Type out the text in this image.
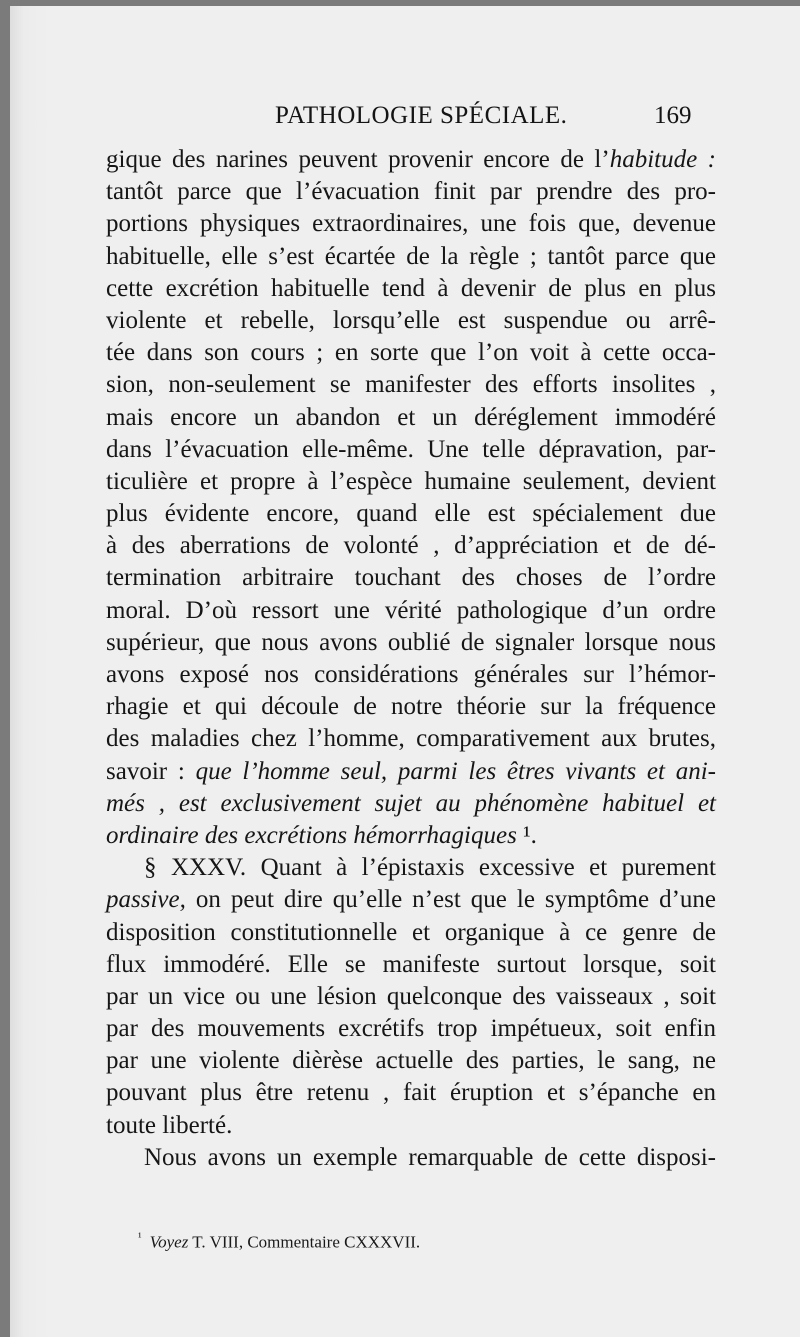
PATHOLOGIE SPÉCIALE.	169
gique des narines peuvent provenir encore de l’habitude :
tantôt parce que l’évacuation finit par prendre des pro-
portions physiques extraordinaires, une fois que, devenue
habituelle, elle s’est écartée de la règle ; tantôt parce que
cette excrétion habituelle tend à devenir de plus en plus
violente et rebelle, lorsqu’elle est suspendue ou arrê-
tée dans son cours ; en sorte que l’on voit à cette occa-
sion, non-seulement se manifester des efforts insolites ,
mais encore un abandon et un déréglement immodéré
dans l’évacuation elle-même. Une telle dépravation, par-
ticulière et propre à l’espèce humaine seulement, devient
plus évidente encore, quand elle est spécialement due
à des aberrations de volonté , d’appréciation et de dé-
termination arbitraire touchant des choses de l’ordre
moral. D’où ressort une vérité pathologique d’un ordre
supérieur, que nous avons oublié de signaler lorsque nous
avons exposé nos considérations générales sur l’hémor-
rhagie et qui découle de notre théorie sur la fréquence
des maladies chez l’homme, comparativement aux brutes,
savoir : que l’homme seul, parmi les êtres vivants et ani-
més , est exclusivement sujet au phénomène habituel et
ordinaire des excrétions hémorrhagiques ¹.
§ XXXV. Quant à l’épistaxis excessive et purement
passive, on peut dire qu’elle n’est que le symptôme d’une
disposition constitutionnelle et organique à ce genre de
flux immodéré. Elle se manifeste surtout lorsque, soit
par un vice ou une lésion quelconque des vaisseaux , soit
par des mouvements excrétifs trop impétueux, soit enfin
par une violente dièrèse actuelle des parties, le sang, ne
pouvant plus être retenu , fait éruption et s’épanche en
toute liberté.
Nous avons un exemple remarquable de cette disposi-
$^{^1}$ Voyez T. VIII, Commentaire CXXXVII.
